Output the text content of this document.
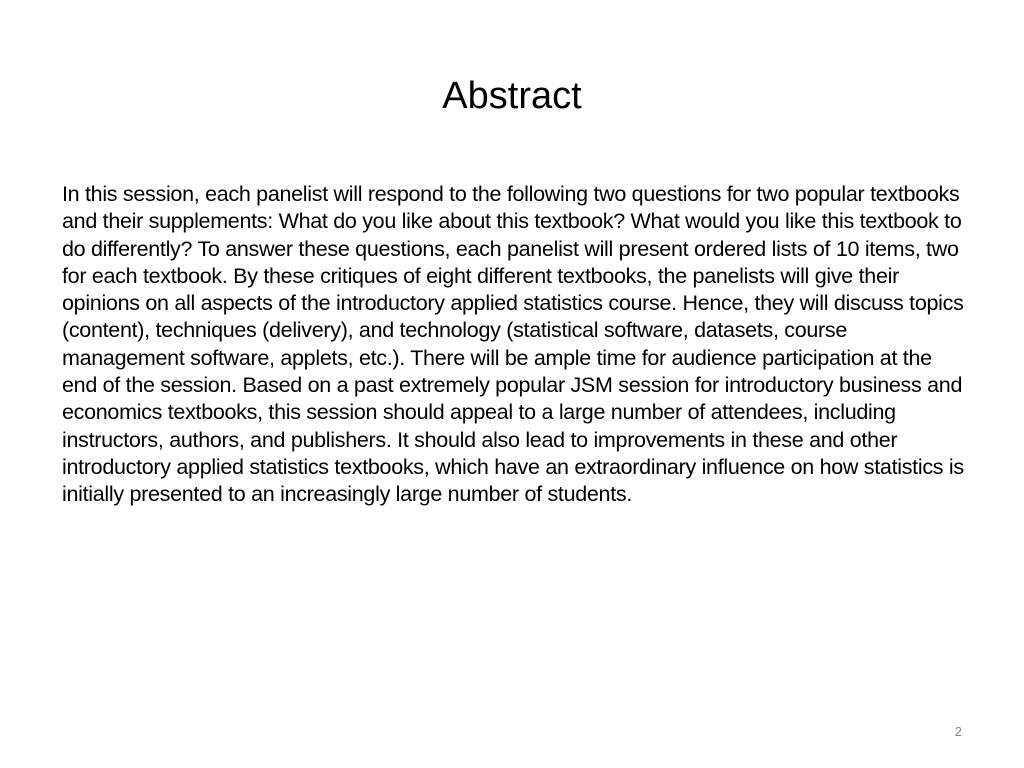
Abstract

In this session, each panelist will respond to the following two questions for two popular textbooks and their supplements: What do you like about this textbook? What would you like this textbook to do differently? To answer these questions, each panelist will present ordered lists of 10 items, two for each textbook. By these critiques of eight different textbooks, the panelists will give their opinions on all aspects of the introductory applied statistics course. Hence, they will discuss topics (content), techniques (delivery), and technology (statistical software, datasets, course management software, applets, etc.). There will be ample time for audience participation at the end of the session. Based on a past extremely popular JSM session for introductory business and economics textbooks, this session should appeal to a large number of attendees, including instructors, authors, and publishers. It should also lead to improvements in these and other introductory applied statistics textbooks, which have an extraordinary influence on how statistics is initially presented to an increasingly large number of students.

2
